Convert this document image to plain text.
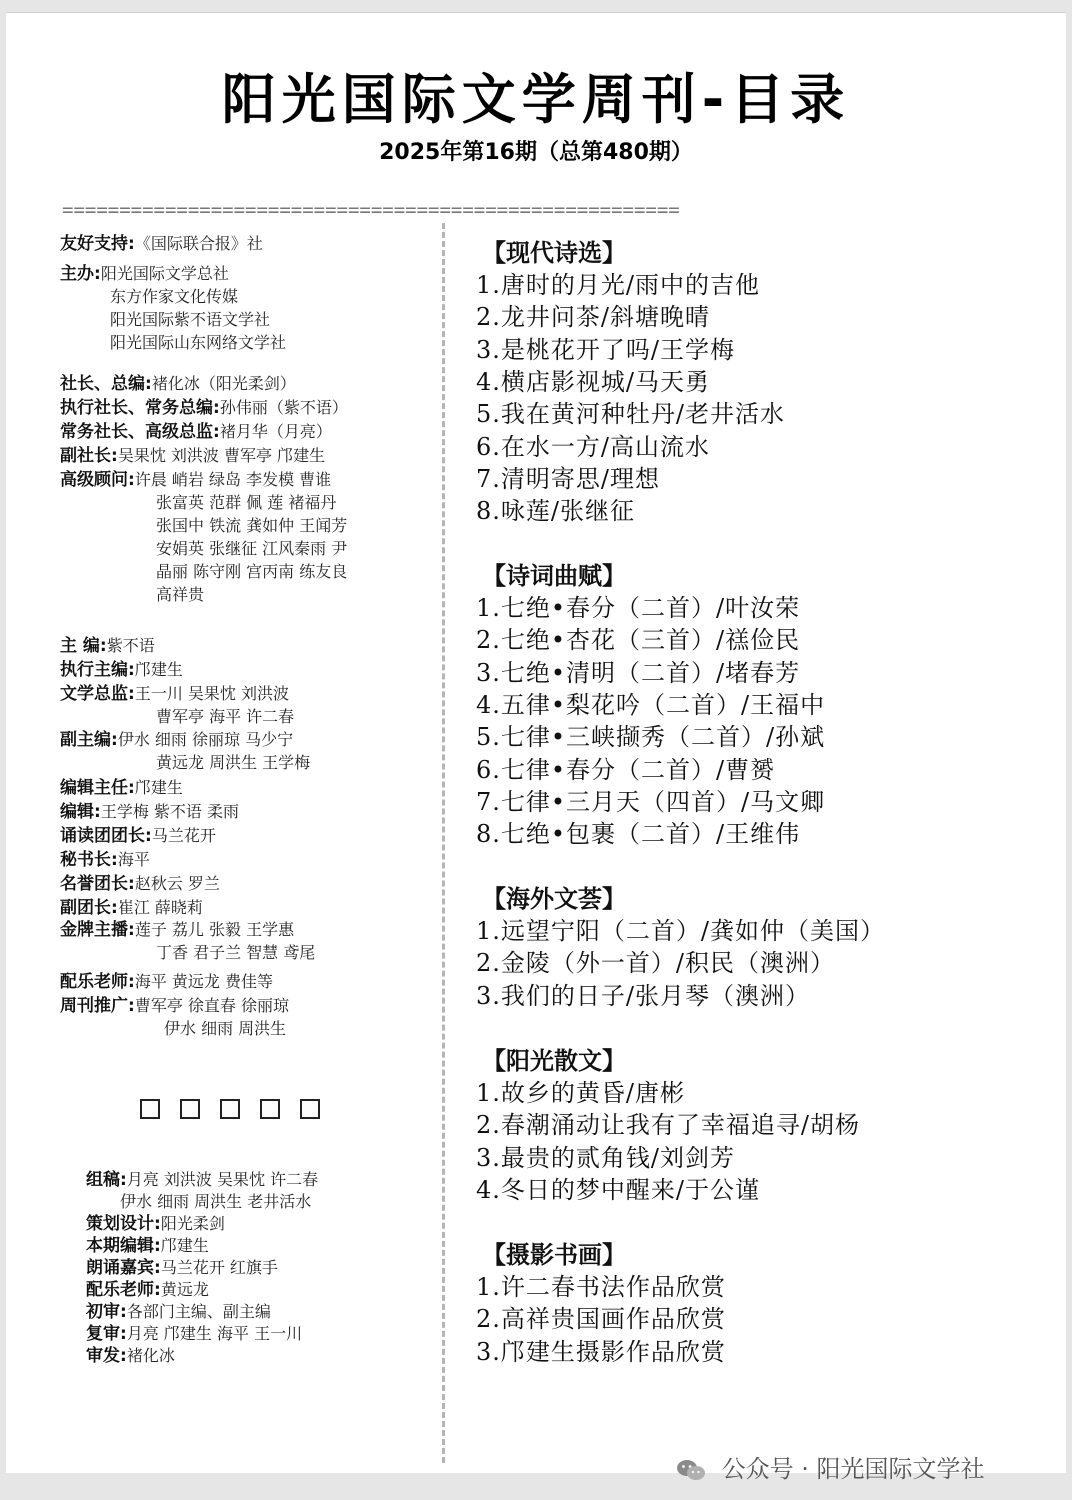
阳光国际文学周刊-目录
2025年第16期（总第480期）
======================================================
友好支持:《国际联合报》社
主办:阳光国际文学总社
东方作家文化传媒
阳光国际紫不语文学社
阳光国际山东网络文学社
社长、总编:褚化冰（阳光柔剑）
执行社长、常务总编:孙伟丽（紫不语）
常务社长、高级总监:褚月华（月亮）
副社长:吴果忱 刘洪波 曹军亭 邝建生
高级顾问:许晨 峭岩 绿岛 李发模 曹谁
张富英 范群 佩 莲 褚福丹
张国中 铁流 龚如仲 王闻芳
安娟英 张继征 江风秦雨 尹
晶丽 陈守刚 宫丙南 练友良
高祥贵
主 编:紫不语
执行主编:邝建生
文学总监:王一川 吴果忱 刘洪波
曹军亭 海平 许二春
副主编:伊水 细雨 徐丽琼 马少宁
黄远龙 周洪生 王学梅
编辑主任:邝建生
编辑:王学梅 紫不语 柔雨
诵读团团长:马兰花开
秘书长:海平
名誉团长:赵秋云 罗兰
副团长:崔江 薛晓莉
金牌主播:莲子 荔儿 张毅 王学惠
丁香 君子兰 智慧 鸢尾
配乐老师:海平 黄远龙 费佳等
周刊推广:曹军亭 徐直春 徐丽琼
伊水 细雨 周洪生
组稿:月亮 刘洪波 吴果忱 许二春
伊水 细雨 周洪生 老井活水
策划设计:阳光柔剑
本期编辑:邝建生
朗诵嘉宾:马兰花开 红旗手
配乐老师:黄远龙
初审:各部门主编、副主编
复审:月亮 邝建生 海平 王一川
审发:褚化冰
【现代诗选】
1.唐时的月光/雨中的吉他
2.龙井问茶/斜塘晚晴
3.是桃花开了吗/王学梅
4.横店影视城/马天勇
5.我在黄河种牡丹/老井活水
6.在水一方/高山流水
7.清明寄思/理想
8.咏莲/张继征
【诗词曲赋】
1.七绝•春分（二首）/叶汝荣
2.七绝•杏花（三首）/禚俭民
3.七绝•清明（二首）/堵春芳
4.五律•梨花吟（二首）/王福中
5.七律•三峡撷秀（二首）/孙斌
6.七律•春分（二首）/曹赟
7.七律•三月天（四首）/马文卿
8.七绝•包裹（二首）/王维伟
【海外文荟】
1.远望宁阳（二首）/龚如仲（美国）
2.金陵（外一首）/积民（澳洲）
3.我们的日子/张月琴（澳洲）
【阳光散文】
1.故乡的黄昏/唐彬
2.春潮涌动让我有了幸福追寻/胡杨
3.最贵的贰角钱/刘剑芳
4.冬日的梦中醒来/于公谨
【摄影书画】
1.许二春书法作品欣赏
2.高祥贵国画作品欣赏
3.邝建生摄影作品欣赏
公众号 · 阳光国际文学社
